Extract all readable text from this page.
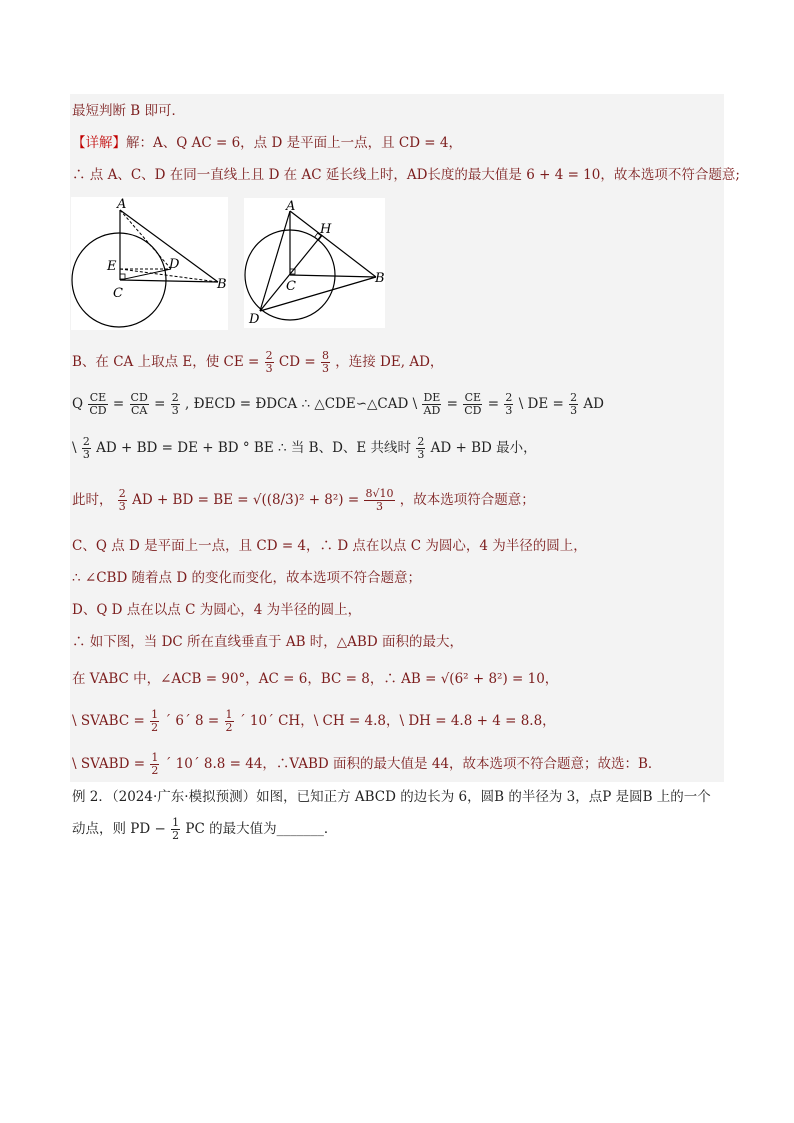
最短判断 B 即可．
【详解】解：A、Q AC = 6，点 D 是平面上一点，且 CD = 4，
∴ 点 A、C、D 在同一直线上且 D 在 AC 延长线上时，AD长度的最大值是 6 + 4 = 10，故本选项不符合题意;
A
E	D
C
B
A
H
C
B
D
B、在 CA 上取点 E，使 CE = $\frac{2}{3}$ CD = $\frac{8}{3}$ ，连接 DE, AD，
Q $\frac{CE}{CD} = \frac{CD}{CA} = \frac{2}{3}$ , ÐECD = ÐDCA ∴ △CDE∽△CAD \ $\frac{DE}{AD} = \frac{CE}{CD} = \frac{2}{3}$ \ DE = $\frac{2}{3}$ AD
\ $\frac{2}{3}$ AD + BD = DE + BD ° BE ∴ 当 B、D、E 共线时 $\frac{2}{3}$ AD + BD 最小，
此时， $\frac{2}{3}$ AD + BD = BE = $√((8/3)^2 + 8^2) = \frac{8√10}{3}$ ，故本选项符合题意；
C、Q 点 D 是平面上一点，且 CD = 4，∴ D 点在以点 C 为圆心，4 为半径的圆上，
∴ ∠CBD 随着点 D 的变化而变化，故本选项不符合题意；
D、Q D 点在以点 C 为圆心，4 为半径的圆上，
∴ 如下图，当 DC 所在直线垂直于 AB 时，△ABD 面积的最大，
在 VABC 中，∠ACB = 90°，AC = 6，BC = 8，∴ AB = √(6² + 8²) = 10，
\ SVABC = $\frac{1}{2}$ ´ 6´ $8 = \frac{1}{2}$ ´ 10´ CH，\ CH = 4.8，\ DH = 4.8 + 4 = 8.8，
\ SVABD = $\frac{1}{2}$ ´ 10´ 8.8 = 44，∴VABD 面积的最大值是 44，故本选项不符合题意；故选：B．
例 2．（2024·广东·模拟预测）如图，已知正方 ABCD 的边长为 6，圆B 的半径为 3，点P 是圆B 上的一个
动点，则 PD − $\frac{1}{2}$ PC 的最大值为_______．
